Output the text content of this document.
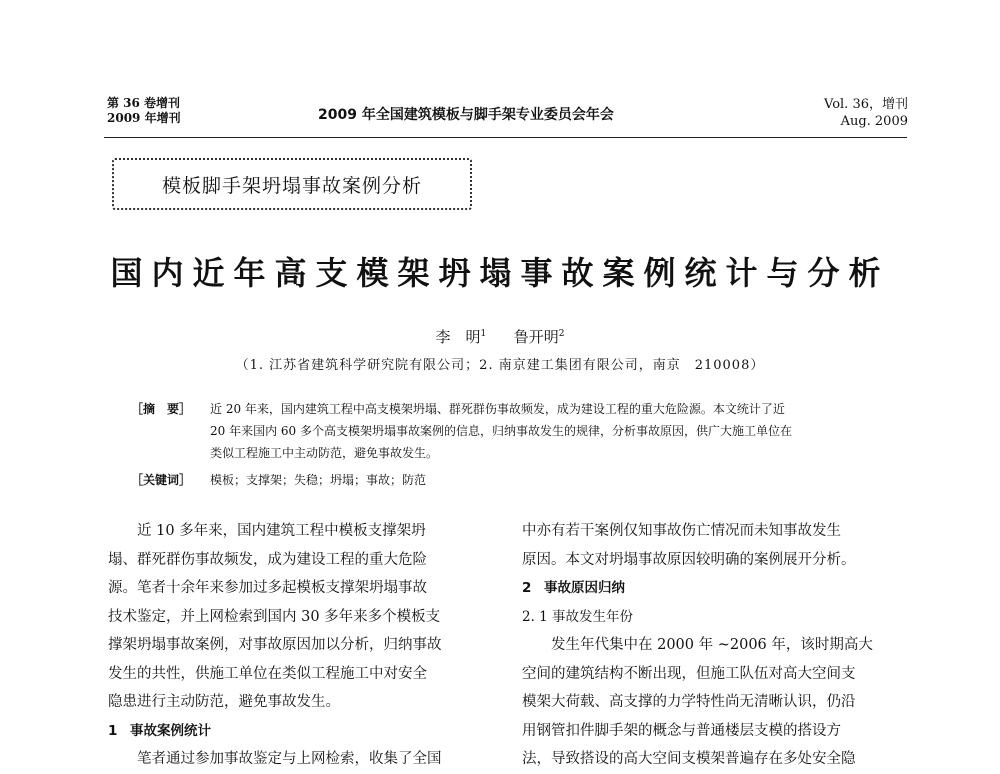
第 36 卷增刊
2009 年增刊	2009 年全国建筑模板与脚手架专业委员会年会
Vol. 36，增刊
Aug. 2009
模板脚手架坍塌事故案例分析
国内近年高支模架坍塌事故案例统计与分析
李　明$^1$ 鲁开明$^2$
（1. 江苏省建筑科学研究院有限公司；2. 南京建工集团有限公司，南京　210008）
［摘　要］	近 20 年来，国内建筑工程中高支模架坍塌、群死群伤事故频发，成为建设工程的重大危险源。本文统计了近
20 年来国内 60 多个高支模架坍塌事故案例的信息，归纳事故发生的规律，分析事故原因，供广大施工单位在
类似工程施工中主动防范，避免事故发生。
［关键词］	模板；支撑架；失稳；坍塌；事故；防范

近 10 多年来，国内建筑工程中模板支撑架坍

塌、群死群伤事故频发，成为建设工程的重大危险

源。笔者十余年来参加过多起模板支撑架坍塌事故

技术鉴定，并上网检索到国内 30 多年来多个模板支

撑架坍塌事故案例，对事故原因加以分析，归纳事故

发生的共性，供施工单位在类似工程施工中对安全

隐患进行主动防范，避免事故发生。

1 事故案例统计

笔者通过参加事故鉴定与上网检索，收集了全国

中亦有若干案例仅知事故伤亡情况而未知事故发生

原因。本文对坍塌事故原因较明确的案例展开分析。

2 事故原因归纳

2. 1 事故发生年份

发生年代集中在 2000 年 ~2006 年，该时期高大

空间的建筑结构不断出现，但施工队伍对高大空间支

模架大荷载、高支撑的力学特性尚无清晰认识，仍沿

用钢管扣件脚手架的概念与普通楼层支模的搭设方

法，导致搭设的高大空间支模架普遍存在多处安全隐
